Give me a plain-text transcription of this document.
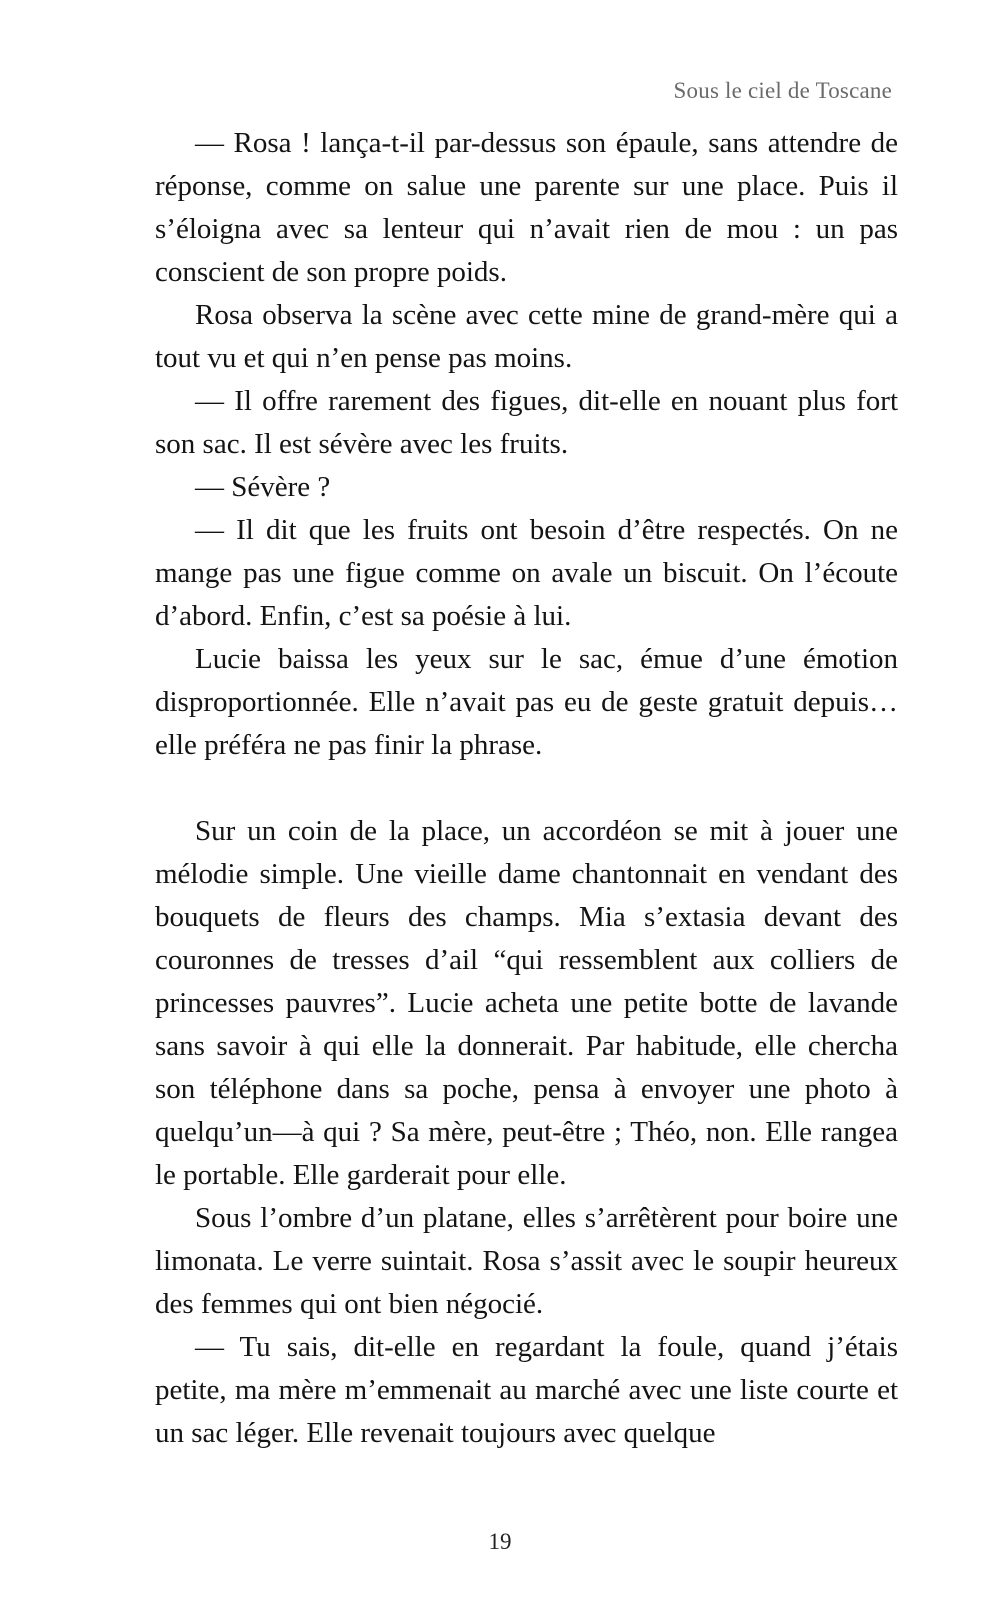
Sous le ciel de Toscane

— Rosa ! lança-t-il par-dessus son épaule, sans attendre de réponse, comme on salue une parente sur une place. Puis il s’éloigna avec sa lenteur qui n’avait rien de mou : un pas conscient de son propre poids.

Rosa observa la scène avec cette mine de grand-mère qui a tout vu et qui n’en pense pas moins.

— Il offre rarement des figues, dit-elle en nouant plus fort son sac. Il est sévère avec les fruits.

— Sévère ?

— Il dit que les fruits ont besoin d’être respectés. On ne mange pas une figue comme on avale un biscuit. On l’écoute d’abord. Enfin, c’est sa poésie à lui.

Lucie baissa les yeux sur le sac, émue d’une émotion disproportionnée. Elle n’avait pas eu de geste gratuit depuis… elle préféra ne pas finir la phrase.

Sur un coin de la place, un accordéon se mit à jouer une mélodie simple. Une vieille dame chantonnait en vendant des bouquets de fleurs des champs. Mia s’extasia devant des couronnes de tresses d’ail “qui ressemblent aux colliers de princesses pauvres”. Lucie acheta une petite botte de lavande sans savoir à qui elle la donnerait. Par habitude, elle chercha son téléphone dans sa poche, pensa à envoyer une photo à quelqu’un—à qui ? Sa mère, peut-être ; Théo, non. Elle rangea le portable. Elle garderait pour elle.

Sous l’ombre d’un platane, elles s’arrêtèrent pour boire une limonata. Le verre suintait. Rosa s’assit avec le soupir heureux des femmes qui ont bien négocié.

— Tu sais, dit-elle en regardant la foule, quand j’étais petite, ma mère m’emmenait au marché avec une liste courte et un sac léger. Elle revenait toujours avec quelque

19
